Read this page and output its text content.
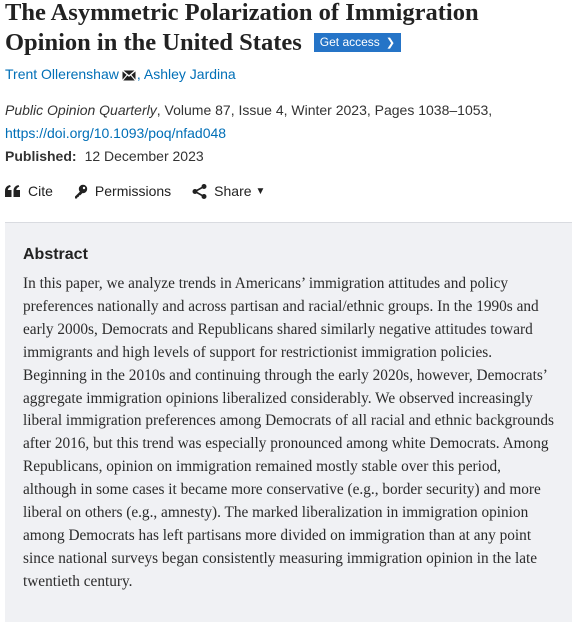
The Asymmetric Polarization of Immigration
Opinion in the United States Get access ❯
Trent Ollerenshaw , Ashley Jardina
Public Opinion Quarterly, Volume 87, Issue 4, Winter 2023, Pages 1038–1053,
https://doi.org/10.1093/poq/nfad048
Published: 12 December 2023
Cite	Permissions	Share ▼
Abstract

In this paper, we analyze trends in Americans’ immigration attitudes and policy preferences nationally and across partisan and racial/ethnic groups. In the 1990s and early 2000s, Democrats and Republicans shared similarly negative attitudes toward immigrants and high levels of support for restrictionist immigration policies. Beginning in the 2010s and continuing through the early 2020s, however, Democrats’ aggregate immigration opinions liberalized considerably. We observed increasingly liberal immigration preferences among Democrats of all racial and ethnic backgrounds after 2016, but this trend was especially pronounced among white Democrats. Among Republicans, opinion on immigration remained mostly stable over this period, although in some cases it became more conservative (e.g., border security) and more liberal on others (e.g., amnesty). The marked liberalization in immigration opinion among Democrats has left partisans more divided on immigration than at any point since national surveys began consistently measuring immigration opinion in the late twentieth century.
